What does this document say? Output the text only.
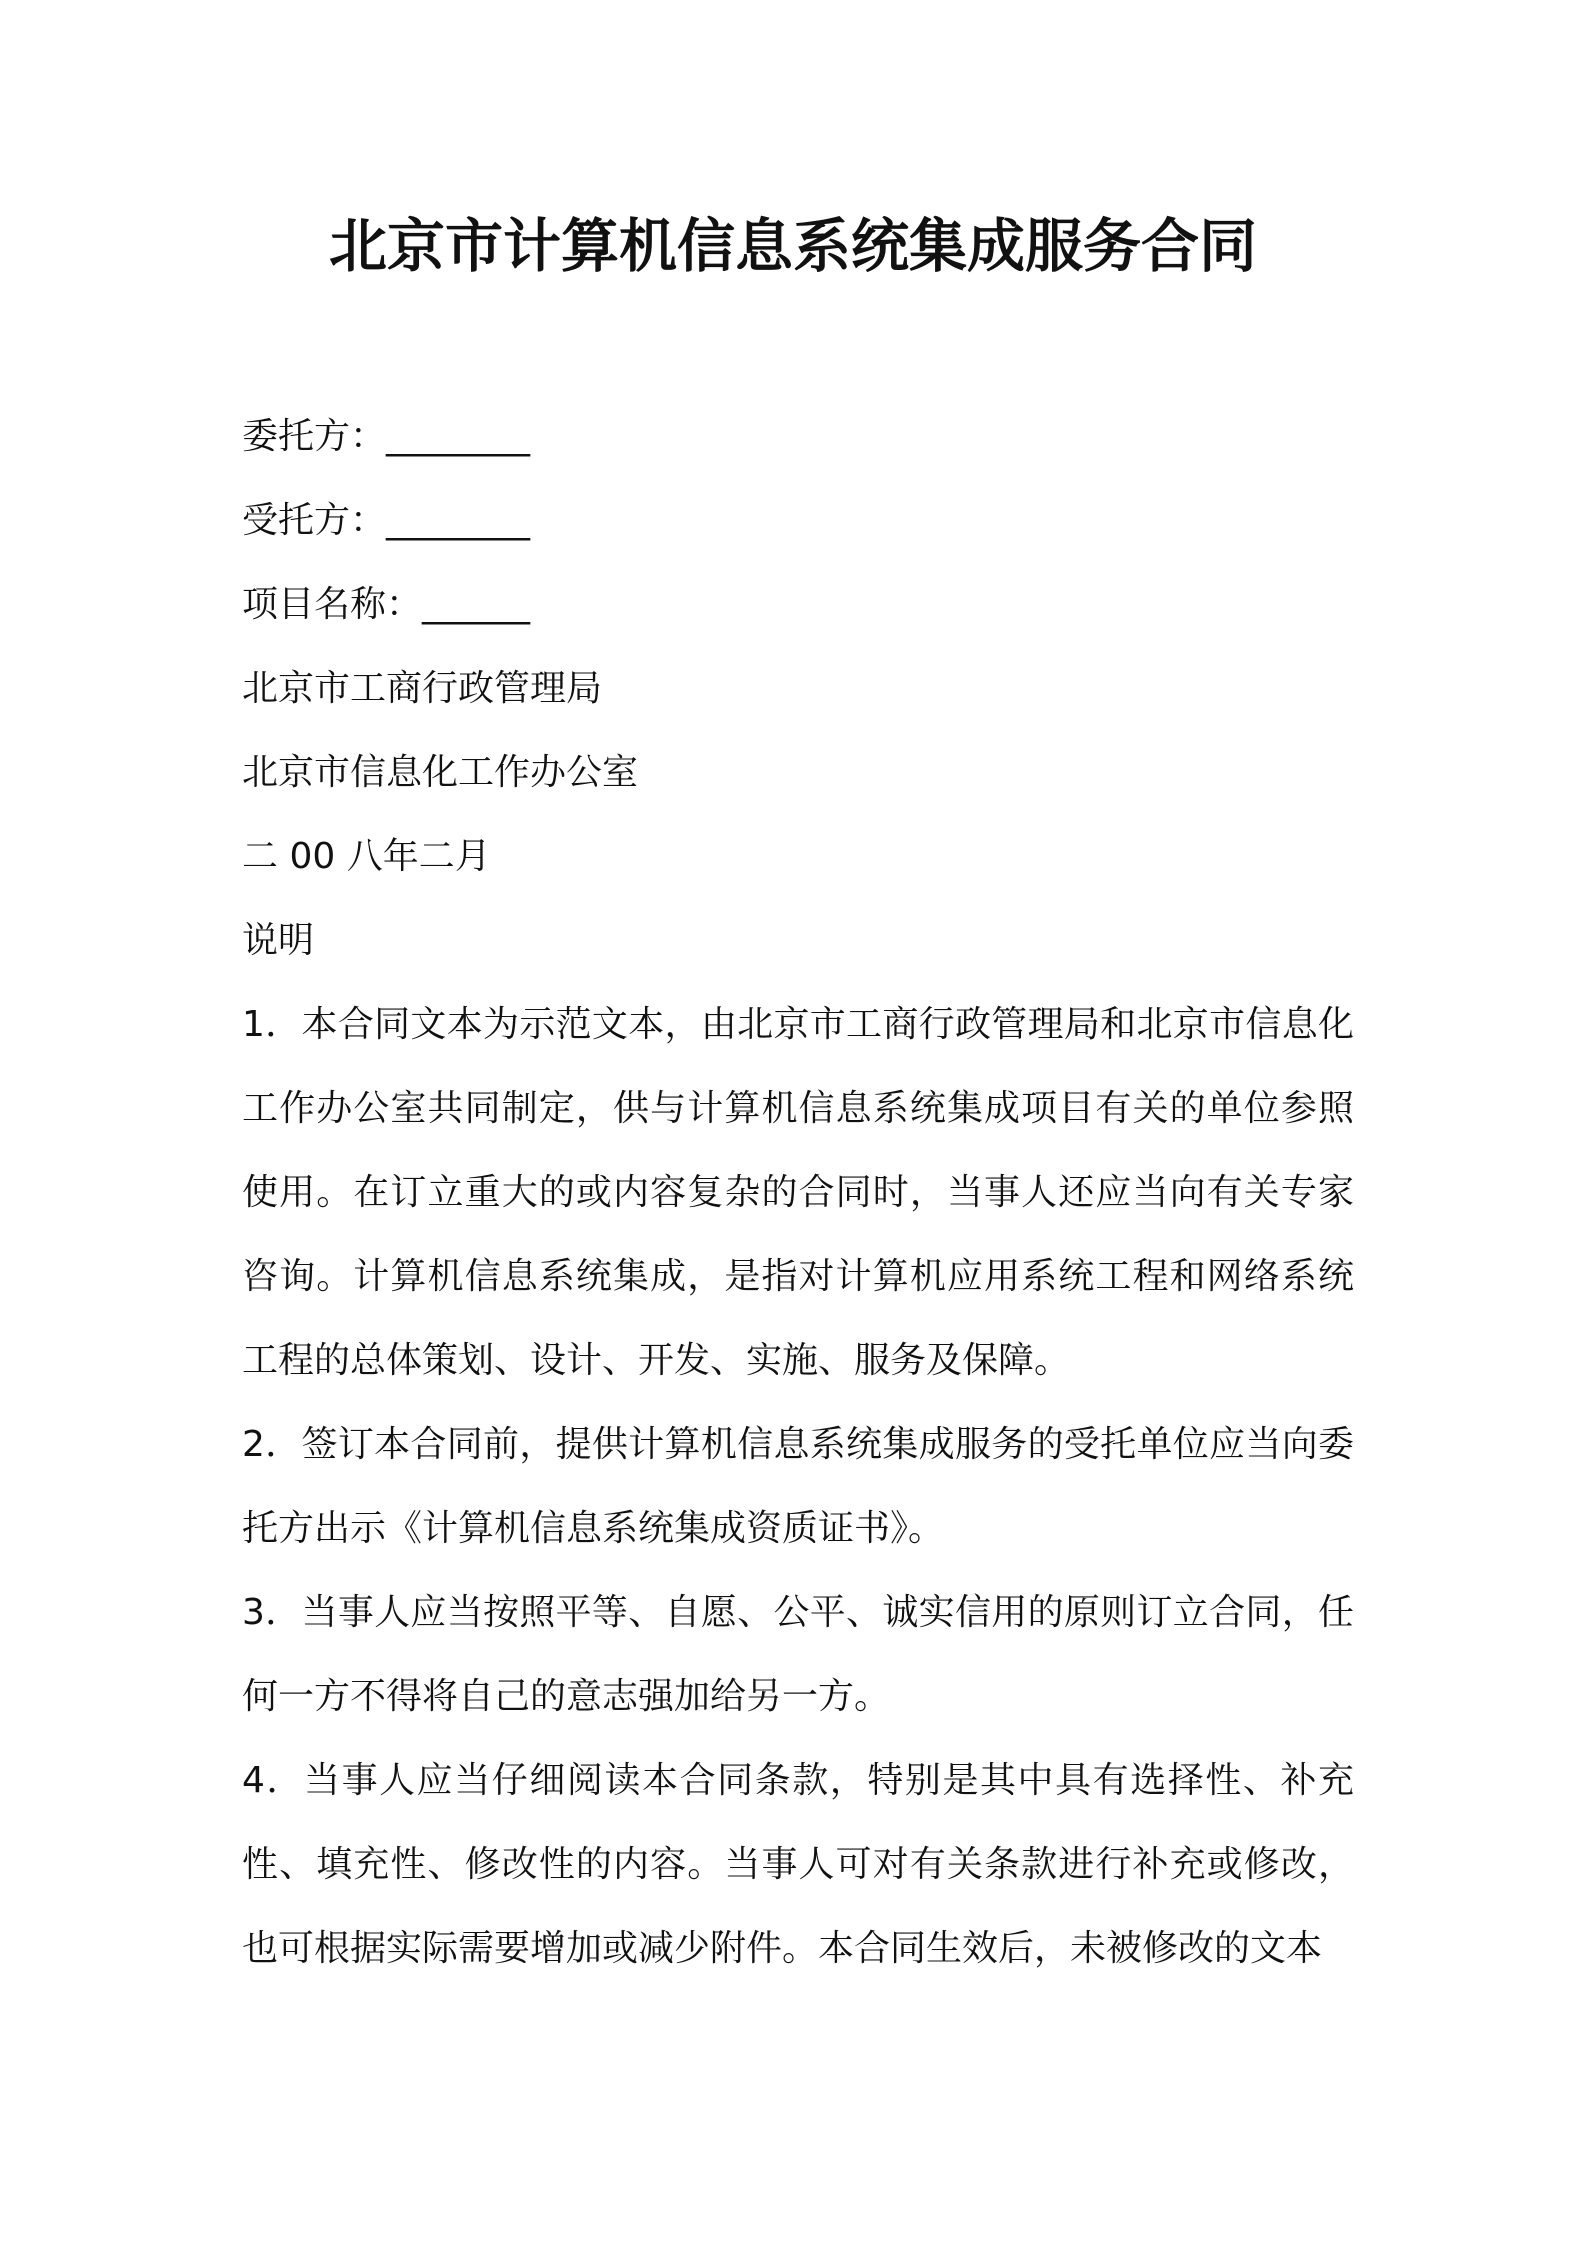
北京市计算机信息系统集成服务合同
委托方：________
受托方：________
项目名称：______
北京市工商行政管理局
北京市信息化工作办公室
二 00 八年二月
说明
1．本合同文本为示范文本，由北京市工商行政管理局和北京市信息化工作办公室共同制定，供与计算机信息系统集成项目有关的单位参照使用。在订立重大的或内容复杂的合同时，当事人还应当向有关专家咨询。计算机信息系统集成，是指对计算机应用系统工程和网络系统工程的总体策划、设计、开发、实施、服务及保障。
2．签订本合同前，提供计算机信息系统集成服务的受托单位应当向委托方出示《计算机信息系统集成资质证书》。
3．当事人应当按照平等、自愿、公平、诚实信用的原则订立合同，任何一方不得将自己的意志强加给另一方。
4．当事人应当仔细阅读本合同条款，特别是其中具有选择性、补充性、填充性、修改性的内容。当事人可对有关条款进行补充或修改，也可根据实际需要增加或减少附件。本合同生效后，未被修改的文本
